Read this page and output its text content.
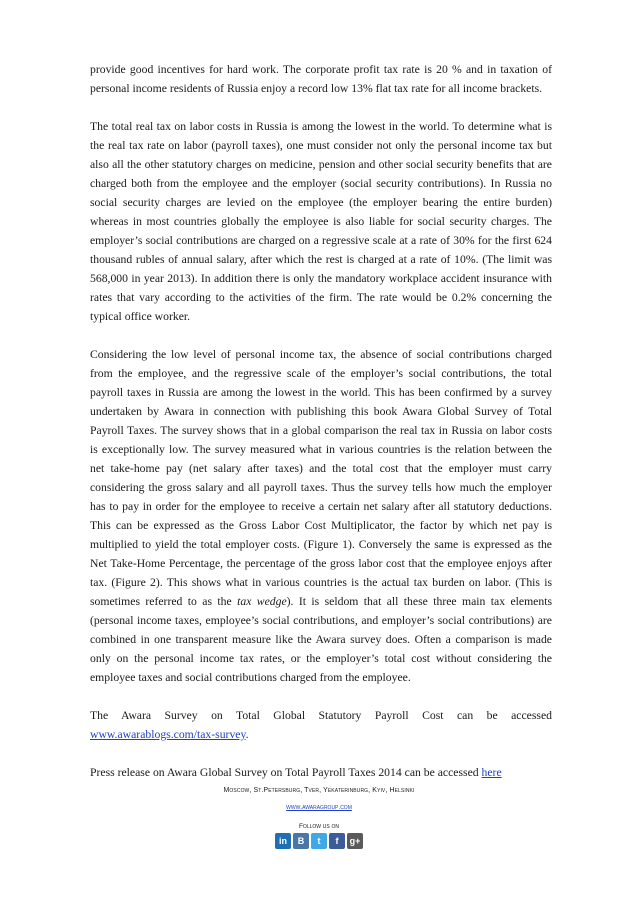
provide good incentives for hard work. The corporate profit tax rate is 20 % and in taxation of personal income residents of Russia enjoy a record low 13% flat tax rate for all income brackets.

The total real tax on labor costs in Russia is among the lowest in the world. To determine what is the real tax rate on labor (payroll taxes), one must consider not only the personal income tax but also all the other statutory charges on medicine, pension and other social security benefits that are charged both from the employee and the employer (social security contributions). In Russia no social security charges are levied on the employee (the employer bearing the entire burden) whereas in most countries globally the employee is also liable for social security charges. The employer’s social contributions are charged on a regressive scale at a rate of 30% for the first 624 thousand rubles of annual salary, after which the rest is charged at a rate of 10%. (The limit was 568,000 in year 2013). In addition there is only the mandatory workplace accident insurance with rates that vary according to the activities of the firm. The rate would be 0.2% concerning the typical office worker.

Considering the low level of personal income tax, the absence of social contributions charged from the employee, and the regressive scale of the employer’s social contributions, the total payroll taxes in Russia are among the lowest in the world. This has been confirmed by a survey undertaken by Awara in connection with publishing this book Awara Global Survey of Total Payroll Taxes. The survey shows that in a global comparison the real tax in Russia on labor costs is exceptionally low. The survey measured what in various countries is the relation between the net take-home pay (net salary after taxes) and the total cost that the employer must carry considering the gross salary and all payroll taxes. Thus the survey tells how much the employer has to pay in order for the employee to receive a certain net salary after all statutory deductions. This can be expressed as the Gross Labor Cost Multiplicator, the factor by which net pay is multiplied to yield the total employer costs. (Figure 1). Conversely the same is expressed as the Net Take-Home Percentage, the percentage of the gross labor cost that the employee enjoys after tax. (Figure 2). This shows what in various countries is the actual tax burden on labor. (This is sometimes referred to as the tax wedge). It is seldom that all these three main tax elements (personal income taxes, employee’s social contributions, and employer’s social contributions) are combined in one transparent measure like the Awara survey does. Often a comparison is made only on the personal income tax rates, or the employer’s total cost without considering the employee taxes and social contributions charged from the employee.

The Awara Survey on Total Global Statutory Payroll Cost can be accessed
www.awarablogs.com/tax-survey.

Press release on Awara Global Survey on Total Payroll Taxes 2014 can be accessed here

Moscow, St.Petersburg, Tver, Yekaterinburg, Kyiv, Helsinki
www.awaragroup.com
Follow us on
in	B	t	f	g+
